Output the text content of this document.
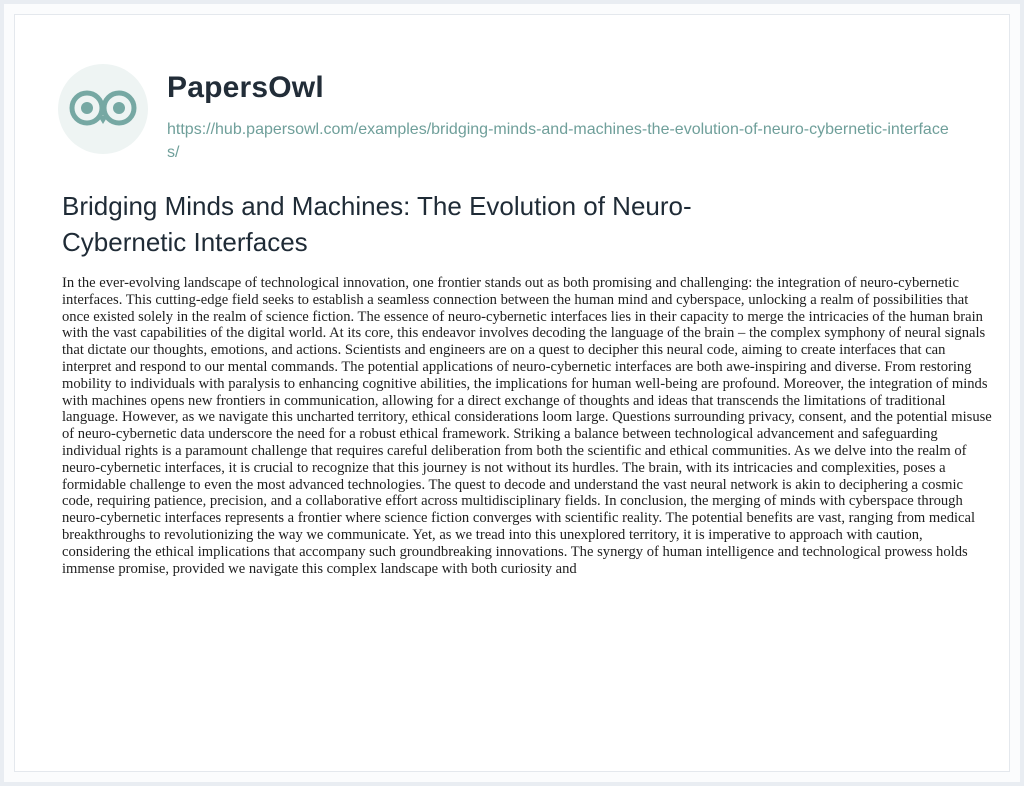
PapersOwl
https://hub.papersowl.com/examples/bridging-minds-and-machines-the-evolution-of-neuro-cybernetic-interfaces/
Bridging Minds and Machines: The Evolution of Neuro-Cybernetic Interfaces

In the ever-evolving landscape of technological innovation, one frontier stands out as both promising and challenging: the integration of neuro-cybernetic interfaces. This cutting-edge field seeks to establish a seamless connection between the human mind and cyberspace, unlocking a realm of possibilities that once existed solely in the realm of science fiction. The essence of neuro-cybernetic interfaces lies in their capacity to merge the intricacies of the human brain with the vast capabilities of the digital world. At its core, this endeavor involves decoding the language of the brain – the complex symphony of neural signals that dictate our thoughts, emotions, and actions. Scientists and engineers are on a quest to decipher this neural code, aiming to create interfaces that can interpret and respond to our mental commands. The potential applications of neuro-cybernetic interfaces are both awe-inspiring and diverse. From restoring mobility to individuals with paralysis to enhancing cognitive abilities, the implications for human well-being are profound. Moreover, the integration of minds with machines opens new frontiers in communication, allowing for a direct exchange of thoughts and ideas that transcends the limitations of traditional language. However, as we navigate this uncharted territory, ethical considerations loom large. Questions surrounding privacy, consent, and the potential misuse of neuro-cybernetic data underscore the need for a robust ethical framework. Striking a balance between technological advancement and safeguarding individual rights is a paramount challenge that requires careful deliberation from both the scientific and ethical communities. As we delve into the realm of neuro-cybernetic interfaces, it is crucial to recognize that this journey is not without its hurdles. The brain, with its intricacies and complexities, poses a formidable challenge to even the most advanced technologies. The quest to decode and understand the vast neural network is akin to deciphering a cosmic code, requiring patience, precision, and a collaborative effort across multidisciplinary fields. In conclusion, the merging of minds with cyberspace through neuro-cybernetic interfaces represents a frontier where science fiction converges with scientific reality. The potential benefits are vast, ranging from medical breakthroughs to revolutionizing the way we communicate. Yet, as we tread into this unexplored territory, it is imperative to approach with caution, considering the ethical implications that accompany such groundbreaking innovations. The synergy of human intelligence and technological prowess holds immense promise, provided we navigate this complex landscape with both curiosity and
